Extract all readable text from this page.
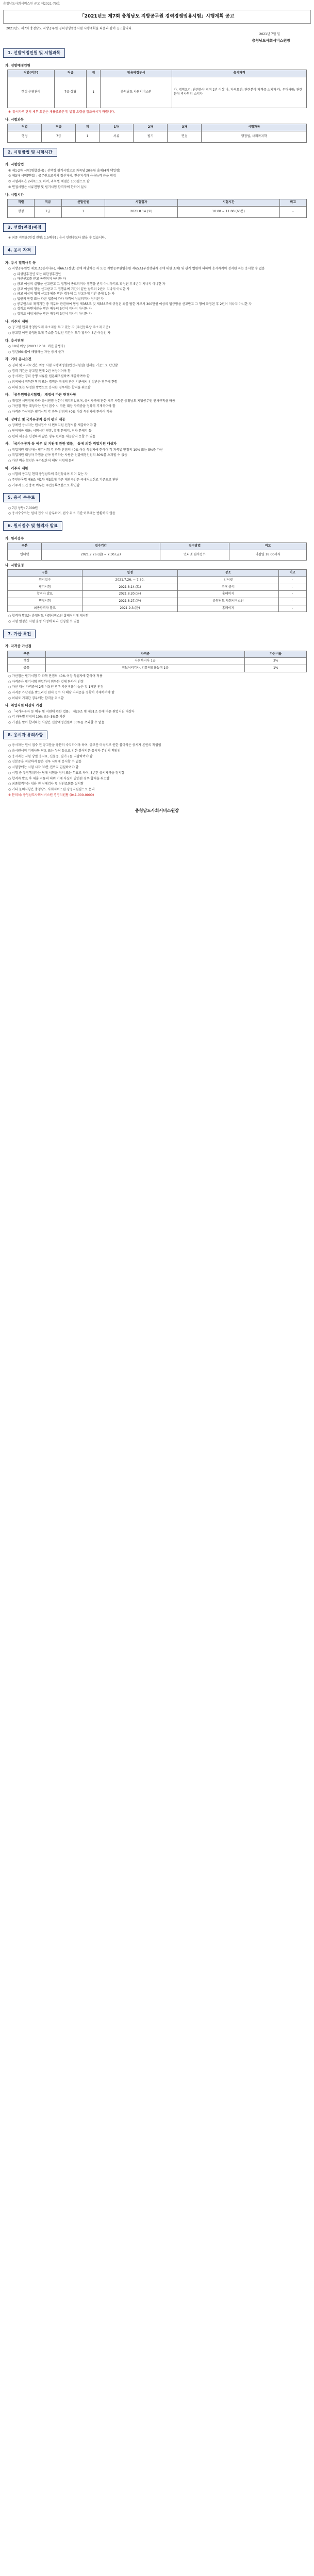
충청남도사회서비스원 공고 제2021-70호
「2021년도 제7회 충청남도 지방공무원 경력경쟁임용시험」시행계획 공고
2021년도 제7회 충청남도 지방공무원 경력경쟁임용시험 시행계획을 다음과 같이 공고합니다.
2021년 7월 일
충청남도사회서비스원장
1. 선발예정인원 및 시험과목
가. 선발예정인원
직렬(직류)	직급	계	임용예정부서	응시자격
행정 운영관리	7급 상당	1	충청남도 사회서비스원	가. 경력요건: 관련분야 경력 2년 이상 나. 자격요건: 관련분야 자격증 소지자 다. 우대사항: 관련분야 박사학위 소지자
※ '응시자격'란의 세부 요건은 채용공고문 및 별첨 요령을 참조하시기 바랍니다.
나. 시험과목
직렬	직급	계	1차	2차	3차	시험과목
행정	7급	1	서류	필기	면접	행정법, 사회복지학
2. 시험방법 및 시험시간
가. 시험방법
① 제1·2차 시험(병합실시) : 선택형 필기시험으로 과목당 20문항 출제(4지 택일형)
② 제3차 시험(면접) : 공무원으로서의 정신자세, 전문지식과 응용능력 등을 평정
③ 시험과목은 2과목으로 하며, 과목별 배점은 100점으로 함
④ 면접시험은 서류전형 및 필기시험 합격자에 한하여 실시
나. 시험시간
직렬	직급	선발인원	시험일자	시험시간	비고
행정	7급	1	2021.8.14.(토)	10:00 ~ 11:00 (60분)	-
3. 선발(면접)예정
※ 최종 지원율(면접 전형: 1.5배수) : 응시 인원수보다 많을 수 있습니다.
4. 응시 자격
가. 응시 결격사유 등
○ 지방공무원법 제31조(결격사유), 제66조(정년) 등에 해당하는 자 또는 지방공무원임용령 제65조(부정행위자 등에 대한 조치) 및 관계 법령에 의하여 응시자격이 정지된 자는 응시할 수 없음
○ 피성년후견인 또는 피한정후견인
○ 파산선고를 받고 복권되지 아니한 자
○ 금고 이상의 실형을 선고받고 그 집행이 종료되거나 집행을 받지 아니하기로 확정된 후 5년이 지나지 아니한 자
○ 금고 이상의 형을 선고받고 그 집행유예 기간이 끝난 날부터 2년이 지나지 아니한 자
○ 금고 이상의 형의 선고유예를 받은 경우에 그 선고유예 기간 중에 있는 자
○ 법원의 판결 또는 다른 법률에 따라 자격이 상실되거나 정지된 자
○ 공무원으로 재직기간 중 직무와 관련하여 형법 제355조 및 제356조에 규정된 죄를 범한 자로서 300만원 이상의 벌금형을 선고받고 그 형이 확정된 후 2년이 지나지 아니한 자
○ 징계로 파면처분을 받은 때부터 5년이 지나지 아니한 자
○ 징계로 해임처분을 받은 때부터 3년이 지나지 아니한 자
나. 거주지 제한
○ 공고일 현재 충청남도에 주소지를 두고 있는 자 (주민등록상 주소지 기준)
○ 공고일 이전 충청남도에 주소를 두었던 기간이 모두 합하여 3년 이상인 자
다. 응시연령
○ 18세 이상 (2003.12.31. 이전 출생자)
○ 정년(60세)에 해당하는 자는 응시 불가
라. 기타 응시요건
○ 경력 및 자격요건은 최종 시험 시행예정일(면접시험일) 현재를 기준으로 판단함
○ 경력 기간은 공고일 현재 2년 이상이어야 함
○ 응시자는 경력 증명 서류를 원본대조필하여 제출하여야 함
○ 외국에서 취득한 학위 또는 경력은 국내의 관련 기관에서 인정받은 경우에 한함
○ 허위 또는 부정한 방법으로 응시한 경우에는 합격을 취소함
마. 「공무원임용시험령」 개정에 따른 변경사항
○ 개정된 시험령에 따라 응시연령 상한이 폐지되었으며, 응시자격에 관한 세부 사항은 충청남도 지방공무원 인사규칙을 따름
○ 가산점 적용 대상자는 원서 접수 시 가산 대상 자격증을 정확히 기재하여야 함
○ 자격증 가산점은 필기시험 각 과목 만점의 40% 이상 득점자에 한하여 적용
바. 장애인 및 국가유공자 등의 편의 제공
○ 장애인 응시자는 원서접수 시 편의지원 신청서를 제출하여야 함
○ 편의제공 내용: 시험시간 연장, 확대 문제지, 점자 문제지 등
○ 편의 제공을 신청하지 않은 경우 편의를 제공받지 못할 수 있음
사. 「국가유공자 등 예우 및 지원에 관한 법률」 등에 의한 취업지원 대상자
○ 취업지원 대상자는 필기시험 각 과목 만점의 40% 이상 득점자에 한하여 각 과목별 만점의 10% 또는 5%를 가산
○ 취업지원 대상자 가점을 받아 합격하는 사람은 선발예정인원의 30%를 초과할 수 없음
○ 가산 비율 확인은 국가보훈처 해당 지청에 문의
아. 거주지 제한
○ 시험의 공고일 현재 충청남도에 주민등록이 되어 있는 자
○ 주민등록법 제6조 제1항 제3호에 따른 재외국민은 국내거소신고 기준으로 판단
○ 거주지 요건 충족 여부는 주민등록초본으로 확인함
5. 응시 수수료
○ 7급 상당: 7,000원
○ 응시수수료는 원서 접수 시 납부하며, 접수 취소 기간 이후에는 반환하지 않음
6. 원서접수 및 합격자 발표
가. 원서접수
구분	접수기간	접수방법	비고
인터넷	2021.7.26.(월) ~ 7.30.(금)	인터넷 원서접수	마감일 18:00까지
나. 시험일정
구분	일정	장소	비고
원서접수	2021.7.26. ~ 7.30.	인터넷	-
필기시험	2021.8.14.(토)	추후 공지	-
합격자 발표	2021.8.20.(금)	홈페이지	-
면접시험	2021.8.27.(금)	충청남도 사회서비스원	-
최종합격자 발표	2021.9.3.(금)	홈페이지	-
○ 합격자 발표는 충청남도 사회서비스원 홈페이지에 게시함
○ 시험 일정은 시험 운영 사정에 따라 변경될 수 있음
7. 가산 특전
가. 자격증 가산점
구분	자격증	가산비율
행정	사회복지사 1급	3%
공통	정보처리기사, 컴퓨터활용능력 1급	1%
○ 가산점은 필기시험 각 과목 만점의 40% 이상 득점자에 한하여 적용
○ 자격증은 필기시험 전일까지 취득한 것에 한하여 인정
○ 가산 대상 자격증이 2개 이상인 경우 가산비율이 높은 것 1개만 인정
○ 자격증 가산점을 받으려면 원서 접수 시 해당 자격증을 정확히 기재하여야 함
○ 허위로 기재한 경우에는 합격을 취소함
나. 취업지원 대상자 가점
○ 「국가유공자 등 예우 및 지원에 관한 법률」 제29조 및 제31조 등에 따른 취업지원 대상자
○ 각 과목별 만점의 10% 또는 5%를 가산
○ 가점을 받아 합격하는 사람은 선발예정인원의 30%를 초과할 수 없음
8. 응시자 유의사항
○ 응시자는 원서 접수 전 공고문을 충분히 숙지하여야 하며, 공고문 미숙지로 인한 불이익은 응시자 본인의 책임임
○ 응시원서의 기재사항 착오 또는 누락 등으로 인한 불이익은 응시자 본인의 책임임
○ 응시자는 시험 당일 응시표, 신분증, 필기구를 지참하여야 함
○ 신분증을 지참하지 않은 경우 시험에 응시할 수 없음
○ 시험장에는 시험 시작 30분 전까지 입실하여야 함
○ 시험 중 부정행위자는 당해 시험을 정지 또는 무효로 하며, 5년간 응시자격을 정지함
○ 합격자 발표 후 제출 서류의 허위 기재 사실이 발견된 경우 합격을 취소함
○ 최종합격자는 임용 전 신체검사 및 신원조회를 실시함
○ 기타 문의사항은 충청남도 사회서비스원 경영지원팀으로 문의
※ 문의처: 충청남도사회서비스원 경영지원팀 (041-000-0000)
충청남도사회서비스원장
